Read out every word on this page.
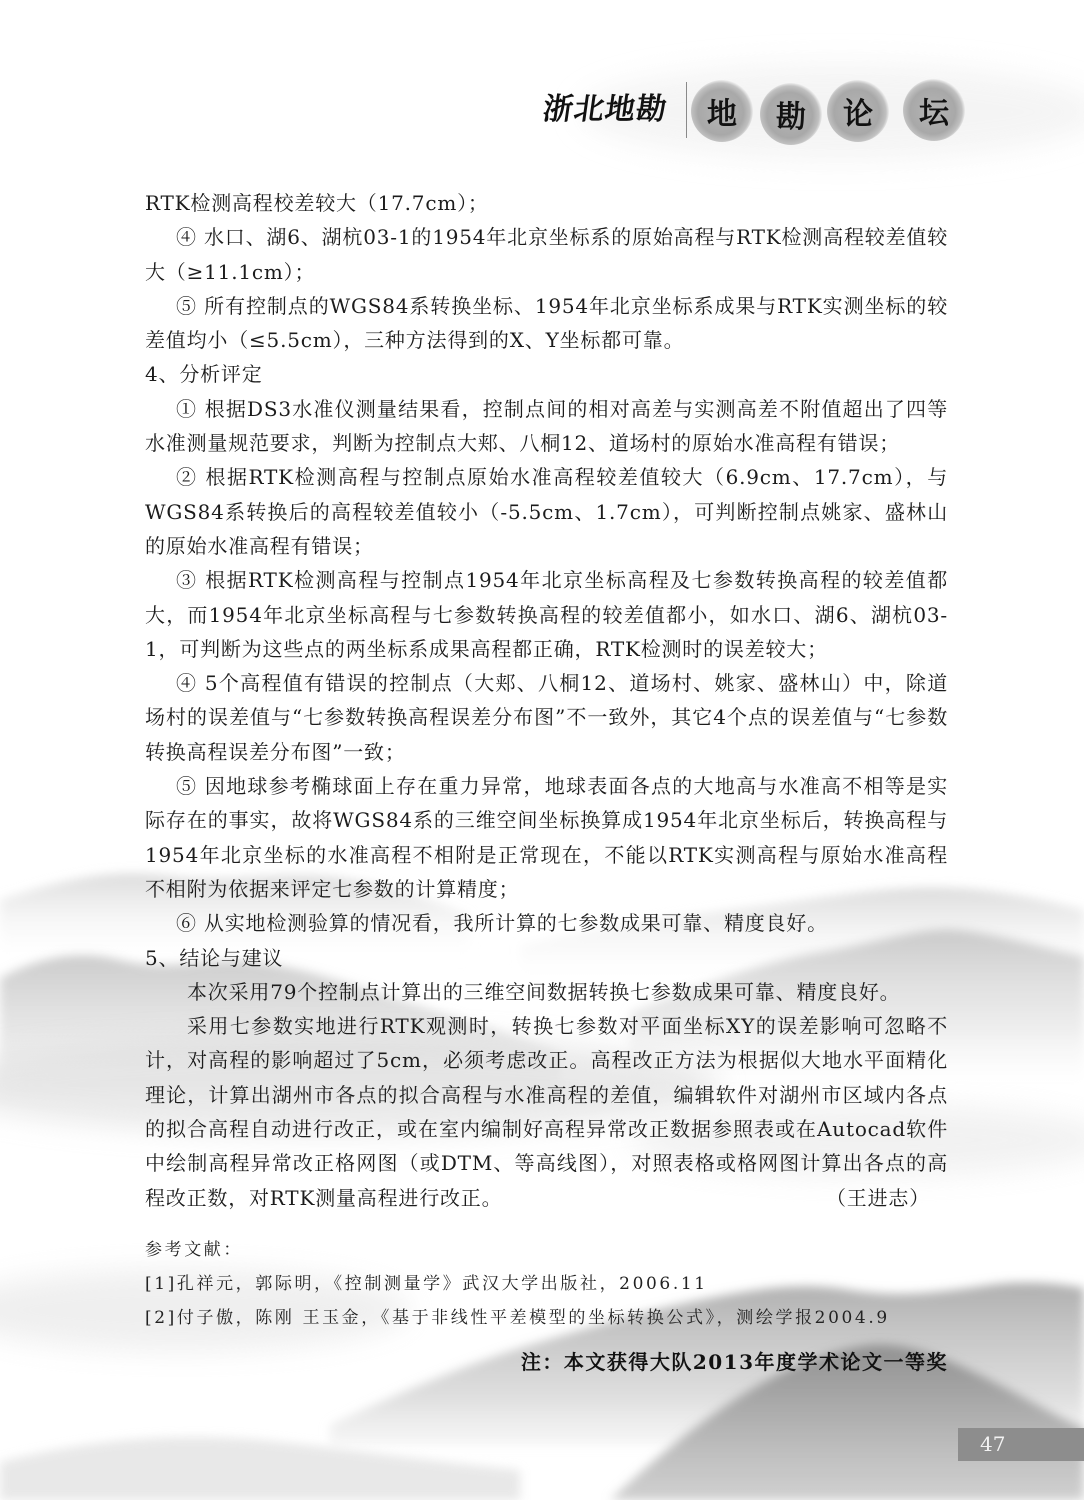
浙北地勘	地	勘	论	坛

RTK检测高程校差较大（17.7cm）；

④ 水口、湖6、湖杭03-1的1954年北京坐标系的原始高程与RTK检测高程较差值较大（≥11.1cm）；

⑤ 所有控制点的WGS84系转换坐标、1954年北京坐标系成果与RTK实测坐标的较差值均小（≤5.5cm），三种方法得到的X、Y坐标都可靠。

4、分析评定

① 根据DS3水准仪测量结果看，控制点间的相对高差与实测高差不附值超出了四等水准测量规范要求，判断为控制点大郏、八桐12、道场村的原始水准高程有错误；

② 根据RTK检测高程与控制点原始水准高程较差值较大（6.9cm、17.7cm），与WGS84系转换后的高程较差值较小（-5.5cm、1.7cm），可判断控制点姚家、盛林山的原始水准高程有错误；

③ 根据RTK检测高程与控制点1954年北京坐标高程及七参数转换高程的较差值都大，而1954年北京坐标高程与七参数转换高程的较差值都小，如水口、湖6、湖杭03-1，可判断为这些点的两坐标系成果高程都正确，RTK检测时的误差较大；

④ 5个高程值有错误的控制点（大郏、八桐12、道场村、姚家、盛林山）中，除道场村的误差值与“七参数转换高程误差分布图”不一致外，其它4个点的误差值与“七参数转换高程误差分布图”一致；

⑤ 因地球参考椭球面上存在重力异常，地球表面各点的大地高与水准高不相等是实际存在的事实，故将WGS84系的三维空间坐标换算成1954年北京坐标后，转换高程与1954年北京坐标的水准高程不相附是正常现在，不能以RTK实测高程与原始水准高程不相附为依据来评定七参数的计算精度；

⑥ 从实地检测验算的情况看，我所计算的七参数成果可靠、精度良好。

5、结论与建议

本次采用79个控制点计算出的三维空间数据转换七参数成果可靠、精度良好。

采用七参数实地进行RTK观测时，转换七参数对平面坐标XY的误差影响可忽略不计，对高程的影响超过了5cm，必须考虑改正。高程改正方法为根据似大地水平面精化理论，计算出湖州市各点的拟合高程与水准高程的差值，编辑软件对湖州市区域内各点的拟合高程自动进行改正，或在室内编制好高程异常改正数据参照表或在Autocad软件中绘制高程异常改正格网图（或DTM、等高线图），对照表格或格网图计算出各点的高程改正数，对RTK测量高程进行改正。	（王进志）

参考文献：
[1]孔祥元，郭际明，《控制测量学》武汉大学出版社，2006.11
[2]付子傲，陈刚 王玉金，《基于非线性平差模型的坐标转换公式》，测绘学报2004.9
注：本文获得大队2013年度学术论文一等奖
47
